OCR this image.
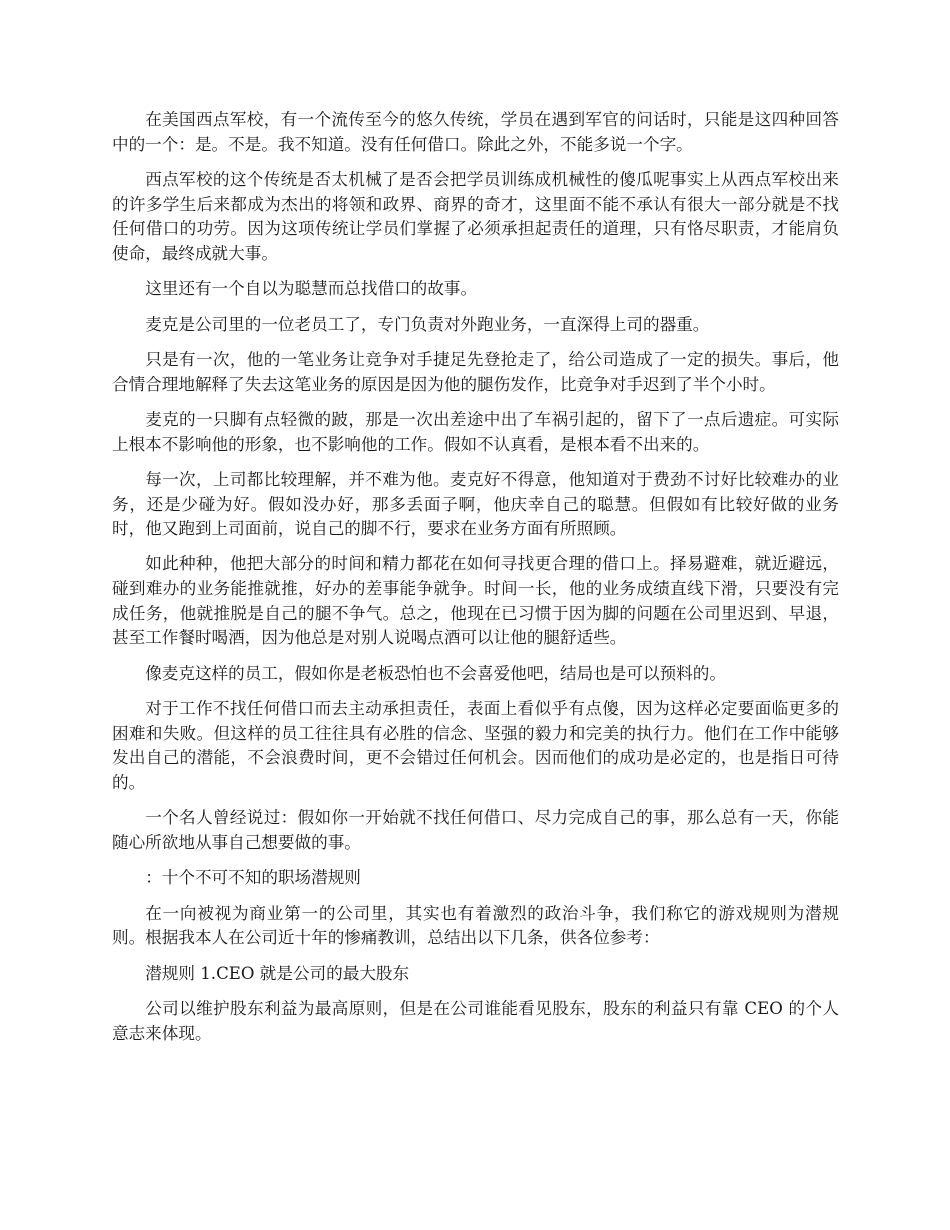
在美国西点军校，有一个流传至今的悠久传统，学员在遇到军官的问话时，只能是这四种回答中的一个：是。不是。我不知道。没有任何借口。除此之外，不能多说一个字。

西点军校的这个传统是否太机械了是否会把学员训练成机械性的傻瓜呢事实上从西点军校出来的许多学生后来都成为杰出的将领和政界、商界的奇才，这里面不能不承认有很大一部分就是不找任何借口的功劳。因为这项传统让学员们掌握了必须承担起责任的道理，只有恪尽职责，才能肩负使命，最终成就大事。

这里还有一个自以为聪慧而总找借口的故事。

麦克是公司里的一位老员工了，专门负责对外跑业务，一直深得上司的器重。

只是有一次，他的一笔业务让竞争对手捷足先登抢走了，给公司造成了一定的损失。事后，他合情合理地解释了失去这笔业务的原因是因为他的腿伤发作，比竞争对手迟到了半个小时。

麦克的一只脚有点轻微的跛，那是一次出差途中出了车祸引起的，留下了一点后遗症。可实际上根本不影响他的形象，也不影响他的工作。假如不认真看，是根本看不出来的。

每一次，上司都比较理解，并不难为他。麦克好不得意，他知道对于费劲不讨好比较难办的业务，还是少碰为好。假如没办好，那多丢面子啊，他庆幸自己的聪慧。但假如有比较好做的业务时，他又跑到上司面前，说自己的脚不行，要求在业务方面有所照顾。

如此种种，他把大部分的时间和精力都花在如何寻找更合理的借口上。择易避难，就近避远，碰到难办的业务能推就推，好办的差事能争就争。时间一长，他的业务成绩直线下滑，只要没有完成任务，他就推脱是自己的腿不争气。总之，他现在已习惯于因为脚的问题在公司里迟到、早退，甚至工作餐时喝酒，因为他总是对别人说喝点酒可以让他的腿舒适些。

像麦克这样的员工，假如你是老板恐怕也不会喜爱他吧，结局也是可以预料的。

对于工作不找任何借口而去主动承担责任，表面上看似乎有点傻，因为这样必定要面临更多的困难和失败。但这样的员工往往具有必胜的信念、坚强的毅力和完美的执行力。他们在工作中能够发出自己的潜能，不会浪费时间，更不会错过任何机会。因而他们的成功是必定的，也是指日可待的。

一个名人曾经说过：假如你一开始就不找任何借口、尽力完成自己的事，那么总有一天，你能随心所欲地从事自己想要做的事。

：十个不可不知的职场潜规则

在一向被视为商业第一的公司里，其实也有着激烈的政治斗争，我们称它的游戏规则为潜规则。根据我本人在公司近十年的惨痛教训，总结出以下几条，供各位参考：

潜规则 1.CEO 就是公司的最大股东

公司以维护股东利益为最高原则，但是在公司谁能看见股东，股东的利益只有靠 CEO 的个人意志来体现。
